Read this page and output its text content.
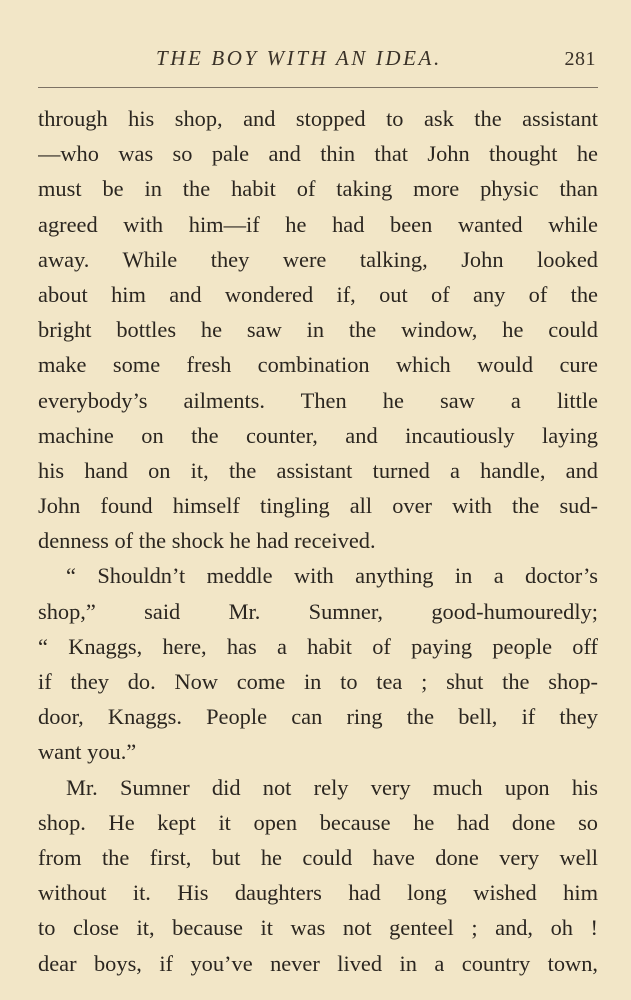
THE BOY WITH AN IDEA.	281
through his shop, and stopped to ask the assistant
—who was so pale and thin that John thought he
must be in the habit of taking more physic than
agreed with him—if he had been wanted while
away. While they were talking, John looked
about him and wondered if, out of any of the
bright bottles he saw in the window, he could
make some fresh combination which would cure
everybody’s ailments. Then he saw a little
machine on the counter, and incautiously laying
his hand on it, the assistant turned a handle, and
John found himself tingling all over with the sud-
denness of the shock he had received.
“ Shouldn’t meddle with anything in a doctor’s
shop,” said Mr. Sumner, good-humouredly;
“ Knaggs, here, has a habit of paying people off
if they do. Now come in to tea ; shut the shop-
door, Knaggs. People can ring the bell, if they
want you.”
Mr. Sumner did not rely very much upon his
shop. He kept it open because he had done so
from the first, but he could have done very well
without it. His daughters had long wished him
to close it, because it was not genteel ; and, oh !
dear boys, if you’ve never lived in a country town,
